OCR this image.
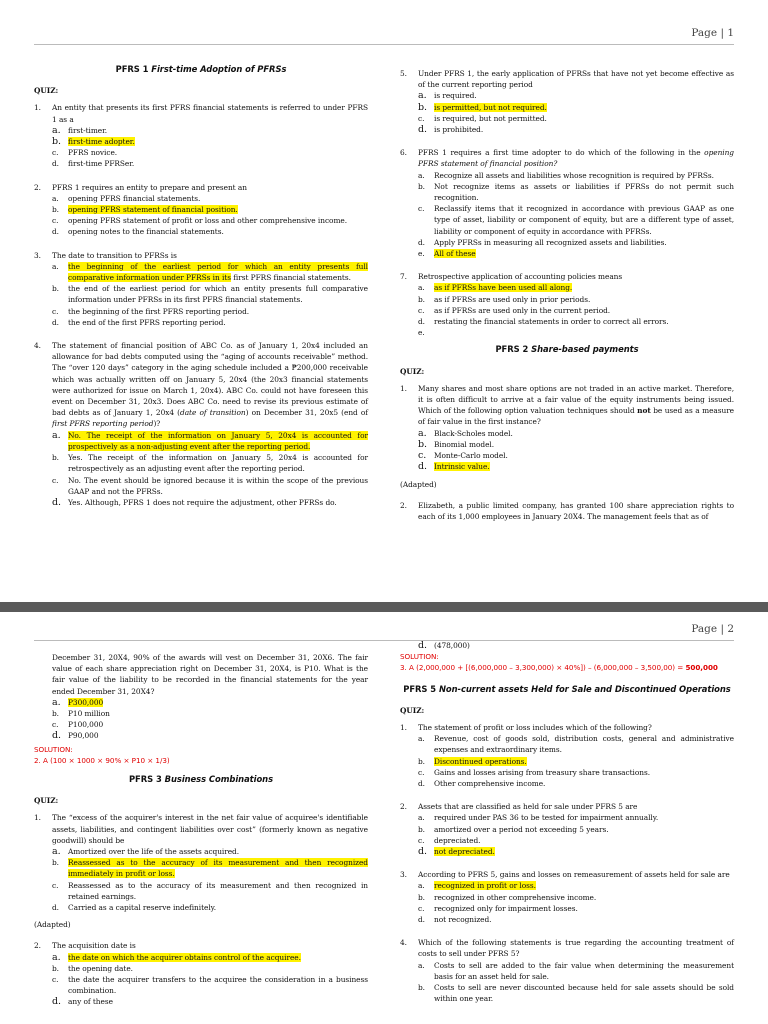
Page | 1
PFRS 1 First-time Adoption of PFRSs
QUIZ:
1.	An entity that presents its first PFRS financial statements is referred to under PFRS 1 as a
a.	first-timer.
b. first-time adopter.
c.	PFRS novice.
d.	first-time PFRSer.
2.	PFRS 1 requires an entity to prepare and present an
a.	opening PFRS financial statements.
b.	opening PFRS statement of financial position.
c.	opening PFRS statement of profit or loss and other comprehensive income.
d.	opening notes to the financial statements.
3.	The date to transition to PFRSs is
a.	the beginning of the earliest period for which an entity presents full comparative information under PFRSs in its first PFRS financial statements.
b.	the end of the earliest period for which an entity presents full comparative information under PFRSs in its first PFRS financial statements.
c.	the beginning of the first PFRS reporting period.
d.	the end of the first PFRS reporting period.
4.	The statement of financial position of ABC Co. as of January 1, 20x4 included an allowance for bad debts computed using the “aging of accounts receivable” method. The “over 120 days” category in the aging schedule included a ₱200,000 receivable which was actually written off on January 5, 20x4 (the 20x3 financial statements were authorized for issue on March 1, 20x4). ABC Co. could not have foreseen this event on December 31, 20x3. Does ABC Co. need to revise its previous estimate of bad debts as of January 1, 20x4 (date of transition) on December 31, 20x5 (end of first PFRS reporting period)?
a.	No. The receipt of the information on January 5, 20x4 is accounted for prospectively as a non-adjusting event after the reporting period.
b.	Yes. The receipt of the information on January 5, 20x4 is accounted for retrospectively as an adjusting event after the reporting period.
c.	No. The event should be ignored because it is within the scope of the previous GAAP and not the PFRSs.
d. Yes. Although, PFRS 1 does not require the adjustment, other PFRSs do.
5.	Under PFRS 1, the early application of PFRSs that have not yet become effective as of the current reporting period
a.	is required.
b. is permitted, but not required.
c.	is required, but not permitted.
d. is prohibited.
6.	PFRS 1 requires a first time adopter to do which of the following in the opening PFRS statement of financial position?
a.	Recognize all assets and liabilities whose recognition is required by PFRSs.
b.	Not recognize items as assets or liabilities if PFRSs do not permit such recognition.
c.	Reclassify items that it recognized in accordance with previous GAAP as one type of asset, liability or component of equity, but are a different type of asset, liability or component of equity in accordance with PFRSs.
d.	Apply PFRSs in measuring all recognized assets and liabilities.
e.	All of these
7.	Retrospective application of accounting policies means
a.	as if PFRSs have been used all along.
b.	as if PFRSs are used only in prior periods.
c.	as if PFRSs are used only in the current period.
d.	restating the financial statements in order to correct all errors.
e.
PFRS 2 Share-based payments
QUIZ:
1.	Many shares and most share options are not traded in an active market. Therefore, it is often difficult to arrive at a fair value of the equity instruments being issued. Which of the following option valuation techniques should not be used as a measure of fair value in the first instance?
a.	Black-Scholes model.
b. Binomial model.
c.	Monte-Carlo model.
d. Intrinsic value.
(Adapted)
2.	Elizabeth, a public limited company, has granted 100 share appreciation rights to each of its 1,000 employees in January 20X4. The management feels that as of
Page | 2
December 31, 20X4, 90% of the awards will vest on December 31, 20X6. The fair value of each share appreciation right on December 31, 20X4, is P10. What is the fair value of the liability to be recorded in the financial statements for the year ended December 31, 20X4?
a.	P300,000
b.	P10 million
c.	P100,000
d. P90,000
SOLUTION:
2. A (100 × 1000 × 90% × P10 × 1/3)
PFRS 3 Business Combinations
QUIZ:
1.	The “excess of the acquirer's interest in the net fair value of acquiree's identifiable assets, liabilities, and contingent liabilities over cost” (formerly known as negative goodwill) should be
a.	Amortized over the life of the assets acquired.
b.	Reassessed as to the accuracy of its measurement and then recognized immediately in profit or loss.
c.	Reassessed as to the accuracy of its measurement and then recognized in retained earnings.
d.	Carried as a capital reserve indefinitely.
(Adapted)
2.	The acquisition date is
a.	the date on which the acquirer obtains control of the acquiree.
b.	the opening date.
c.	the date the acquirer transfers to the acquiree the consideration in a business combination.
d. any of these
d. (478,000)
SOLUTION:
3. A (2,000,000 + [(6,000,000 – 3,300,000) × 40%]) – (6,000,000 – 3,500,00) = 500,000
PFRS 5 Non-current assets Held for Sale and Discontinued Operations
QUIZ:
1.	The statement of profit or loss includes which of the following?
a.	Revenue, cost of goods sold, distribution costs, general and administrative expenses and extraordinary items.
b.	Discontinued operations.
c.	Gains and losses arising from treasury share transactions.
d.	Other comprehensive income.
2.	Assets that are classified as held for sale under PFRS 5 are
a.	required under PAS 36 to be tested for impairment annually.
b.	amortized over a period not exceeding 5 years.
c.	depreciated.
d. not depreciated.
3.	According to PFRS 5, gains and losses on remeasurement of assets held for sale are
a.	recognized in profit or loss.
b.	recognized in other comprehensive income.
c.	recognized only for impairment losses.
d.	not recognized.
4.	Which of the following statements is true regarding the accounting treatment of costs to sell under PFRS 5?
a.	Costs to sell are added to the fair value when determining the measurement basis for an asset held for sale.
b.	Costs to sell are never discounted because held for sale assets should be sold within one year.
